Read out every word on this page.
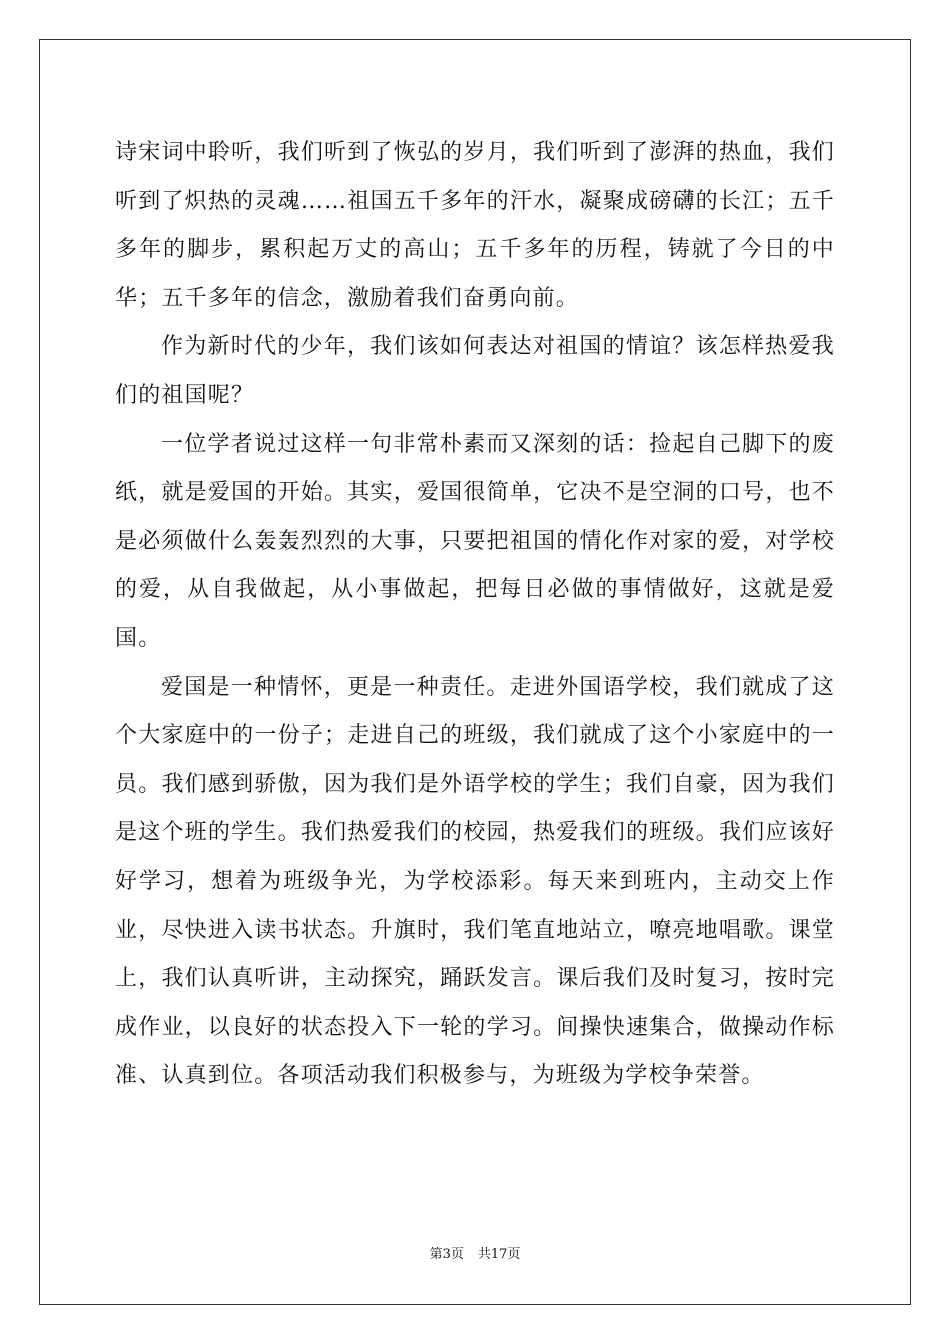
诗宋词中聆听，我们听到了恢弘的岁月，我们听到了澎湃的热血，我们听到了炽热的灵魂……祖国五千多年的汗水，凝聚成磅礴的长江；五千多年的脚步，累积起万丈的高山；五千多年的历程，铸就了今日的中华；五千多年的信念，激励着我们奋勇向前。

作为新时代的少年，我们该如何表达对祖国的情谊？该怎样热爱我们的祖国呢？

一位学者说过这样一句非常朴素而又深刻的话：捡起自己脚下的废纸，就是爱国的开始。其实，爱国很简单，它决不是空洞的口号，也不是必须做什么轰轰烈烈的大事，只要把祖国的情化作对家的爱，对学校的爱，从自我做起，从小事做起，把每日必做的事情做好，这就是爱国。

爱国是一种情怀，更是一种责任。走进外国语学校，我们就成了这个大家庭中的一份子；走进自己的班级，我们就成了这个小家庭中的一员。我们感到骄傲，因为我们是外语学校的学生；我们自豪，因为我们是这个班的学生。我们热爱我们的校园，热爱我们的班级。我们应该好好学习，想着为班级争光，为学校添彩。每天来到班内，主动交上作业，尽快进入读书状态。升旗时，我们笔直地站立，嘹亮地唱歌。课堂上，我们认真听讲，主动探究，踊跃发言。课后我们及时复习，按时完成作业，以良好的状态投入下一轮的学习。间操快速集合，做操动作标准、认真到位。各项活动我们积极参与，为班级为学校争荣誉。

第3页 共17页
